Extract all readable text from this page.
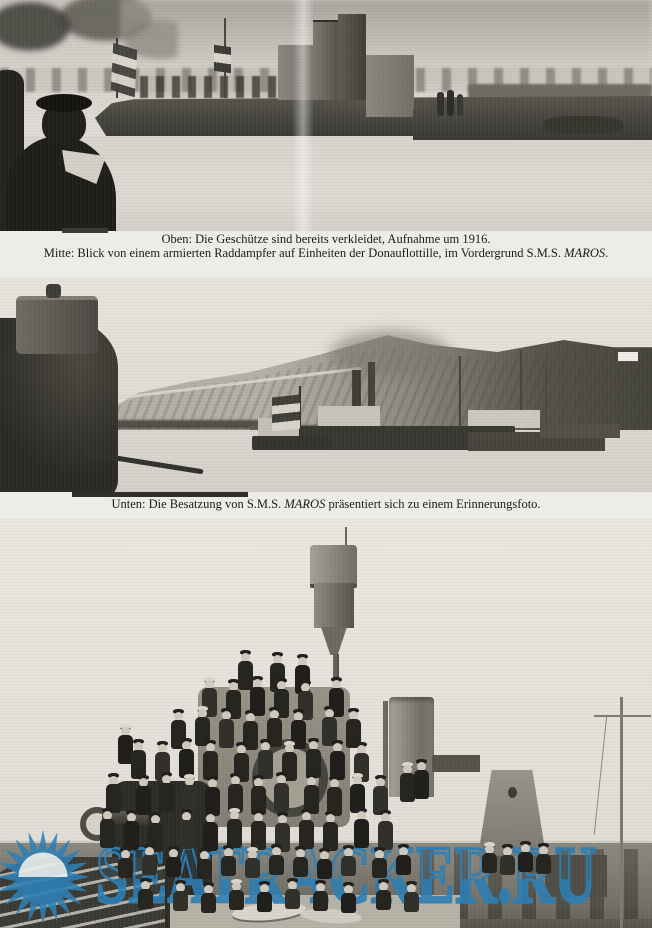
Oben: Die Geschütze sind bereits verkleidet, Aufnahme um 1916.
Mitte: Blick von einem armierten Raddampfer auf Einheiten der Donauflottille, im Vordergrund S.M.S. MAROS.

Unten: Die Besatzung von S.M.S. MAROS präsentiert sich zu einem Erinnerungsfoto.
